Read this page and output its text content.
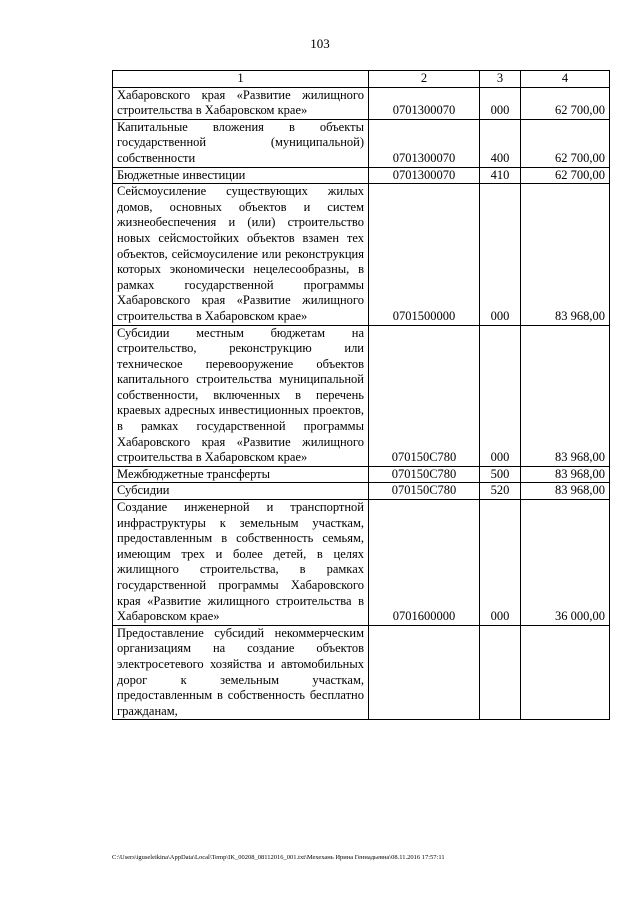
103
1	2	3	4
Хабаровского края «Развитие жилищного строительства в Хабаровском крае»	0701300070	000	62 700,00
Капитальные вложения в объекты государственной (муниципальной) собственности	0701300070	400	62 700,00
Бюджетные инвестиции	0701300070	410	62 700,00
Сейсмоусиление существующих жилых домов, основных объектов и систем жизнеобеспечения и (или) строительство новых сейсмостойких объектов взамен тех объектов, сейсмоусиление или реконструкция которых экономически нецелесообразны, в рамках государственной программы Хабаровского края «Развитие жилищного строительства в Хабаровском крае»	0701500000	000	83 968,00
Субсидии местным бюджетам на строительство, реконструкцию или техническое перевооружение объектов капитального строительства муниципальной собственности, включенных в перечень краевых адресных инвестиционных проектов, в рамках государственной программы Хабаровского края «Развитие жилищного строительства в Хабаровском крае»	070150С780	000	83 968,00
Межбюджетные трансферты	070150С780	500	83 968,00
Субсидии	070150С780	520	83 968,00
Создание инженерной и транспортной инфраструктуры к земельным участкам, предоставленным в собственность семьям, имеющим трех и более детей, в целях жилищного строительства, в рамках государственной программы Хабаровского края «Развитие жилищного строительства в Хабаровском крае»	0701600000	000	36 000,00
Предоставление субсидий некоммерческим организациям на создание объектов электросетевого хозяйства и автомобильных дорог к земельным участкам, предоставленным в собственность бесплатно гражданам,			
C:\Users\iguseleikina\AppData\Local\Temp\IK_00208_08112016_001.txt\Мехехань Ирина Геннадьевна\08.11.2016 17:57:11
